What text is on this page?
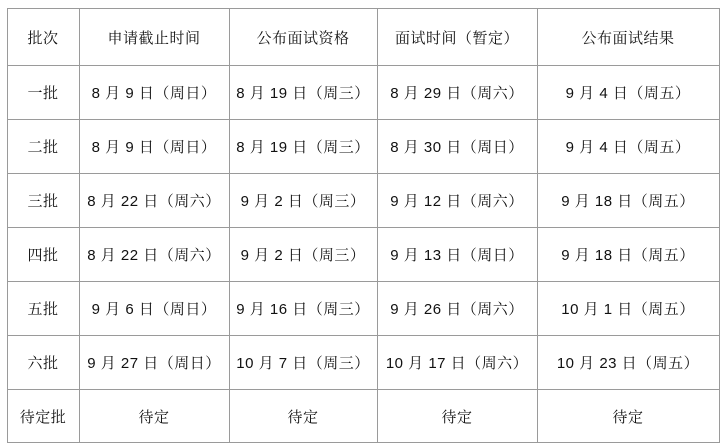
批次	申请截止时间	公布面试资格	面试时间（暂定）	公布面试结果
一批	8 月 9 日（周日）	8 月 19 日（周三）	8 月 29 日（周六）	9 月 4 日（周五）
二批	8 月 9 日（周日）	8 月 19 日（周三）	8 月 30 日（周日）	9 月 4 日（周五）
三批	8 月 22 日（周六）	9 月 2 日（周三）	9 月 12 日（周六）	9 月 18 日（周五）
四批	8 月 22 日（周六）	9 月 2 日（周三）	9 月 13 日（周日）	9 月 18 日（周五）
五批	9 月 6 日（周日）	9 月 16 日（周三）	9 月 26 日（周六）	10 月 1 日（周五）
六批	9 月 27 日（周日）	10 月 7 日（周三）	10 月 17 日（周六）	10 月 23 日（周五）
待定批	待定	待定	待定	待定
